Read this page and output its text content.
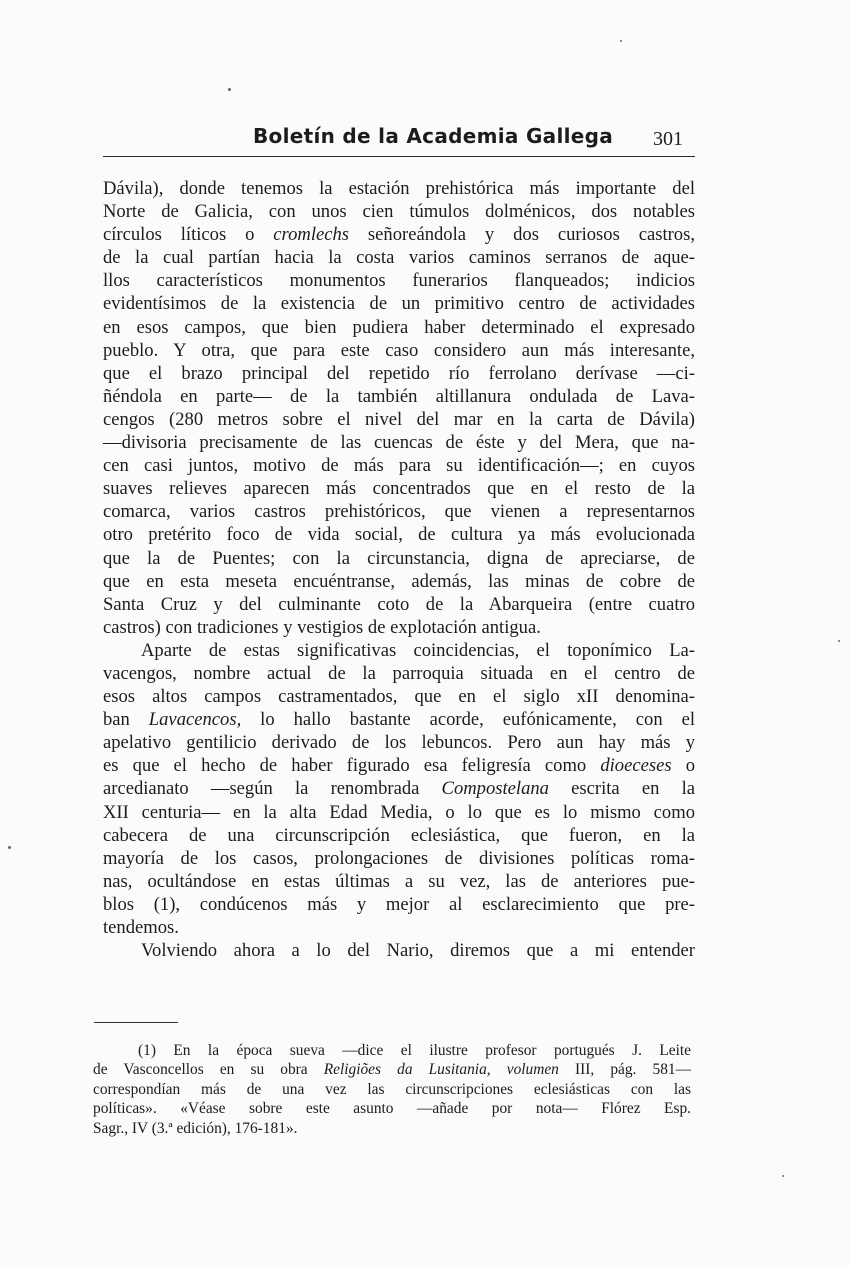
Boletín de la Academia Gallega 301
Dávila), donde tenemos la estación prehistórica más importante del
Norte de Galicia, con unos cien túmulos dolménicos, dos notables
círculos líticos o cromlechs señoreándola y dos curiosos castros,
de la cual partían hacia la costa varios caminos serranos de aque-
llos característicos monumentos funerarios flanqueados; indicios
evidentísimos de la existencia de un primitivo centro de actividades
en esos campos, que bien pudiera haber determinado el expresado
pueblo. Y otra, que para este caso considero aun más interesante,
que el brazo principal del repetido río ferrolano derívase —ci-
ñéndola en parte— de la también altillanura ondulada de Lava-
cengos (280 metros sobre el nivel del mar en la carta de Dávila)
—divisoria precisamente de las cuencas de éste y del Mera, que na-
cen casi juntos, motivo de más para su identificación—; en cuyos
suaves relieves aparecen más concentrados que en el resto de la
comarca, varios castros prehistóricos, que vienen a representarnos
otro pretérito foco de vida social, de cultura ya más evolucionada
que la de Puentes; con la circunstancia, digna de apreciarse, de
que en esta meseta encuéntranse, además, las minas de cobre de
Santa Cruz y del culminante coto de la Abarqueira (entre cuatro
castros) con tradiciones y vestigios de explotación antigua.
Aparte de estas significativas coincidencias, el toponímico La-
vacengos, nombre actual de la parroquia situada en el centro de
esos altos campos castramentados, que en el siglo xII denomina-
ban Lavacencos, lo hallo bastante acorde, eufónicamente, con el
apelativo gentilicio derivado de los lebuncos. Pero aun hay más y
es que el hecho de haber figurado esa feligresía como dioeceses o
arcedianato —según la renombrada Compostelana escrita en la
XII centuria— en la alta Edad Media, o lo que es lo mismo como
cabecera de una circunscripción eclesiástica, que fueron, en la
mayoría de los casos, prolongaciones de divisiones políticas roma-
nas, ocultándose en estas últimas a su vez, las de anteriores pue-
blos (1), condúcenos más y mejor al esclarecimiento que pre-
tendemos.
Volviendo ahora a lo del Nario, diremos que a mi entender
(1) En la época sueva —dice el ilustre profesor portugués J. Leite
de Vasconcellos en su obra Religiões da Lusitania, volumen III, pág. 581—
correspondían más de una vez las circunscripciones eclesiásticas con las
políticas». «Véase sobre este asunto —añade por nota— Flórez Esp.
Sagr., IV (3.ª edición), 176-181».
